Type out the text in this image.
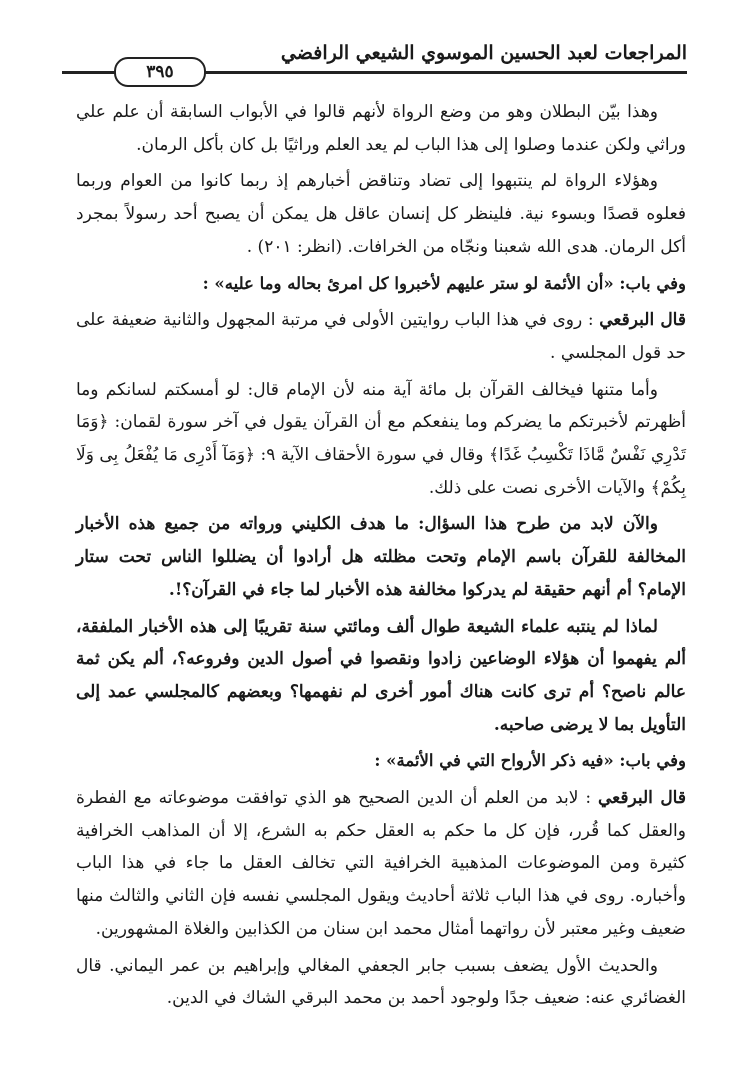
المراجعات لعبد الحسين الموسوي الشيعي الرافضي
٣٩٥

وهذا بيّن البطلان وهو من وضع الرواة لأنهم قالوا في الأبواب السابقة أن علم علي وراثي ولكن عندما وصلوا إلى هذا الباب لم يعد العلم وراثيًا بل كان بأكل الرمان.

وهؤلاء الرواة لم ينتبهوا إلى تضاد وتناقض أخبارهم إذ ربما كانوا من العوام وربما فعلوه قصدًا وبسوء نية. فلينظر كل إنسان عاقل هل يمكن أن يصبح أحد رسولاً بمجرد أكل الرمان. هدى الله شعبنا ونجّاه من الخرافات. (انظر: ٢٠١) .

وفي باب: «أن الأئمة لو ستر عليهم لأخبروا كل امرئ بحاله وما عليه» :

قال البرقعي : روى في هذا الباب روايتين الأولى في مرتبة المجهول والثانية ضعيفة على حد قول المجلسي .

وأما متنها فيخالف القرآن بل مائة آية منه لأن الإمام قال: لو أمسكتم لسانكم وما أظهرتم لأخبرتكم ما يضركم وما ينفعكم مع أن القرآن يقول في آخر سورة لقمان: ﴿وَمَا تَدْرِي نَفْسٌ مَّاذَا تَكْسِبُ غَدًا﴾ وقال في سورة الأحقاف الآية ٩: ﴿وَمَآ أَدْرِى مَا يُفْعَلُ بِى وَلَا بِكُمْ﴾ والآيات الأخرى نصت على ذلك.

والآن لابد من طرح هذا السؤال: ما هدف الكليني ورواته من جميع هذه الأخبار المخالفة للقرآن باسم الإمام وتحت مظلته هل أرادوا أن يضللوا الناس تحت ستار الإمام؟ أم أنهم حقيقة لم يدركوا مخالفة هذه الأخبار لما جاء في القرآن؟!.

لماذا لم ينتبه علماء الشيعة طوال ألف ومائتي سنة تقريبًا إلى هذه الأخبار الملفقة، ألم يفهموا أن هؤلاء الوضاعين زادوا ونقصوا في أصول الدين وفروعه؟، ألم يكن ثمة عالم ناصح؟ أم ترى كانت هناك أمور أخرى لم نفهمها؟ وبعضهم كالمجلسي عمد إلى التأويل بما لا يرضى صاحبه.

وفي باب: «فيه ذكر الأرواح التي في الأئمة» :

قال البرقعي : لابد من العلم أن الدين الصحيح هو الذي توافقت موضوعاته مع الفطرة والعقل كما قُرر، فإن كل ما حكم به العقل حكم به الشرع، إلا أن المذاهب الخرافية كثيرة ومن الموضوعات المذهبية الخرافية التي تخالف العقل ما جاء في هذا الباب وأخباره. روى في هذا الباب ثلاثة أحاديث ويقول المجلسي نفسه فإن الثاني والثالث منها ضعيف وغير معتبر لأن رواتهما أمثال محمد ابن سنان من الكذابين والغلاة المشهورين.

والحديث الأول يضعف بسبب جابر الجعفي المغالي وإبراهيم بن عمر اليماني. قال الغضائري عنه: ضعيف جدًا ولوجود أحمد بن محمد البرقي الشاك في الدين.
